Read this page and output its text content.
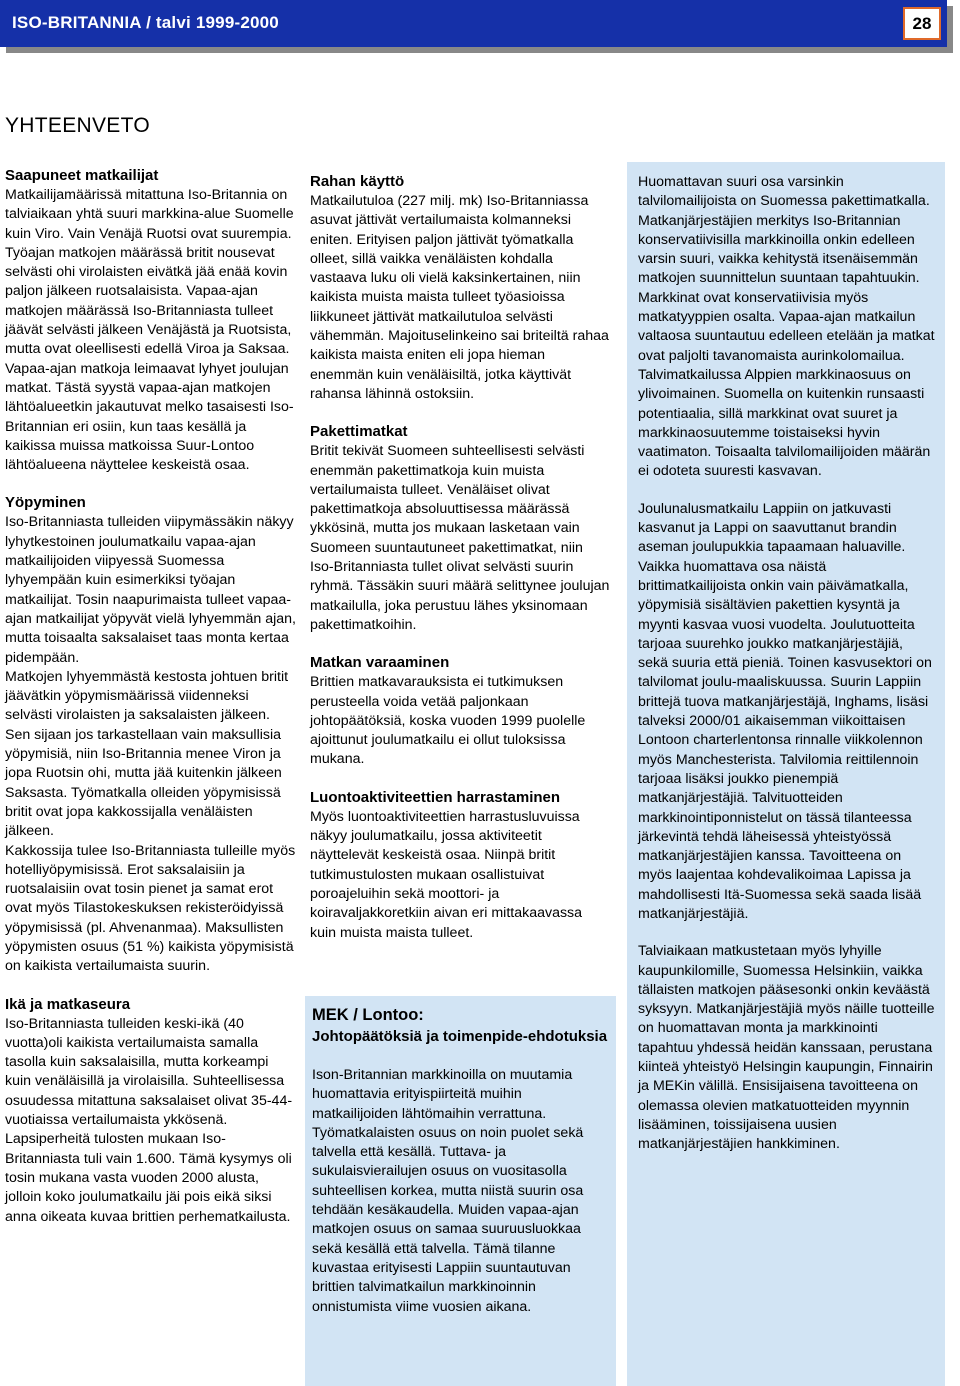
ISO-BRITANNIA / talvi 1999-2000	28
YHTEENVETO

Saapuneet matkailijat

Matkailijamäärissä mitattuna Iso-Britannia on talviaikaan yhtä suuri markkina-alue Suomelle kuin Viro. Vain Venäjä Ruotsi ovat suurempia. Työajan matkojen määrässä britit nousevat selvästi ohi virolaisten eivätkä jää enää kovin paljon jälkeen ruotsalaisista. Vapaa-ajan matkojen määrässä Iso-Britanniasta tulleet jäävät selvästi jälkeen Venäjästä ja Ruotsista, mutta ovat oleellisesti edellä Viroa ja Saksaa. Vapaa-ajan matkoja leimaavat lyhyet joulujan matkat. Tästä syystä vapaa-ajan matkojen lähtöalueetkin jakautuvat melko tasaisesti Iso-Britannian eri osiin, kun taas kesällä ja kaikissa muissa matkoissa Suur-Lontoo lähtöalueena näyttelee keskeistä osaa.

Yöpyminen

Iso-Britanniasta tulleiden viipymässäkin näkyy lyhytkestoinen joulumatkailu vapaa-ajan matkailijoiden viipyessä Suomessa lyhyempään kuin esimerkiksi työajan matkailijat. Tosin naapurimaista tulleet vapaa-ajan matkailijat yöpyvät vielä lyhyemmän ajan, mutta toisaalta saksalaiset taas monta kertaa pidempään.

Matkojen lyhyemmästä kestosta johtuen britit jäävätkin yöpymismäärissä viidenneksi selvästi virolaisten ja saksalaisten jälkeen. Sen sijaan jos tarkastellaan vain maksullisia yöpymisiä, niin Iso-Britannia menee Viron ja jopa Ruotsin ohi, mutta jää kuitenkin jälkeen Saksasta. Työmatkalla olleiden yöpymisissä britit ovat jopa kakkossijalla venäläisten jälkeen.

Kakkossija tulee Iso-Britanniasta tulleille myös hotelliyöpymisissä. Erot saksalaisiin ja ruotsalaisiin ovat tosin pienet ja samat erot ovat myös Tilastokeskuksen rekisteröidyissä yöpymisissä (pl. Ahvenanmaa). Maksullisten yöpymisten osuus (51 %) kaikista yöpymisistä on kaikista vertailumaista suurin.

Ikä ja matkaseura

Iso-Britanniasta tulleiden keski-ikä (40 vuotta)oli kaikista vertailumaista samalla tasolla kuin saksalaisilla, mutta korkeampi kuin venäläisillä ja virolaisilla. Suhteellisessa osuudessa mitattuna saksalaiset olivat 35-44-vuotiaissa vertailumaista ykkösenä. Lapsiperheitä tulosten mukaan Iso-Britanniasta tuli vain 1.600. Tämä kysymys oli tosin mukana vasta vuoden 2000 alusta, jolloin koko joulumatkailu jäi pois eikä siksi anna oikeata kuvaa brittien perhematkailusta.

Rahan käyttö

Matkailutuloa (227 milj. mk) Iso-Britanniassa asuvat jättivät vertailumaista kolmanneksi eniten. Erityisen paljon jättivät työmatkalla olleet, sillä vaikka venäläisten kohdalla vastaava luku oli vielä kaksinkertainen, niin kaikista muista maista tulleet työasioissa liikkuneet jättivät matkailutuloa selvästi vähemmän. Majoituselinkeino sai briteiltä rahaa kaikista maista eniten eli jopa hieman enemmän kuin venäläisiltä, jotka käyttivät rahansa lähinnä ostoksiin.

Pakettimatkat

Britit tekivät Suomeen suhteellisesti selvästi enemmän pakettimatkoja kuin muista vertailumaista tulleet. Venäläiset olivat pakettimatkoja absoluuttisessa määrässä ykkösinä, mutta jos mukaan lasketaan vain Suomeen suuntautuneet pakettimatkat, niin Iso-Britanniasta tullet olivat selvästi suurin ryhmä. Tässäkin suuri määrä selittynee joulujan matkailulla, joka perustuu lähes yksinomaan pakettimatkoihin.

Matkan varaaminen

Brittien matkavarauksista ei tutkimuksen perusteella voida vetää paljonkaan johtopäätöksiä, koska vuoden 1999 puolelle ajoittunut joulumatkailu ei ollut tuloksissa mukana.

Luontoaktiviteettien harrastaminen

Myös luontoaktiviteettien harrastusluvuissa näkyy joulumatkailu, jossa aktiviteetit näyttelevät keskeistä osaa. Niinpä britit tutkimustulosten mukaan osallistuivat poroajeluihin sekä moottori- ja koiravaljakkoretkiin aivan eri mittakaavassa kuin muista maista tulleet.

MEK / Lontoo:
Johtopäätöksiä ja toimenpide-ehdotuksia

Ison-Britannian markkinoilla on muutamia huomattavia erityispiirteitä muihin matkailijoiden lähtömaihin verrattuna. Työmatkalaisten osuus on noin puolet sekä talvella että kesällä. Tuttava- ja sukulaisvierailujen osuus on vuositasolla suhteellisen korkea, mutta niistä suurin osa tehdään kesäkaudella. Muiden vapaa-ajan matkojen osuus on samaa suuruusluokkaa sekä kesällä että talvella. Tämä tilanne kuvastaa erityisesti Lappiin suuntautuvan brittien talvimatkailun markkinoinnin onnistumista viime vuosien aikana.

Huomattavan suuri osa varsinkin talvilomailijoista on Suomessa pakettimatkalla. Matkanjärjestäjien merkitys Iso-Britannian konservatiivisilla markkinoilla onkin edelleen varsin suuri, vaikka kehitystä itsenäisemmän matkojen suunnittelun suuntaan tapahtuukin. Markkinat ovat konservatiivisia myös matkatyyppien osalta. Vapaa-ajan matkailun valtaosa suuntautuu edelleen etelään ja matkat ovat paljolti tavanomaista aurinkolomailua. Talvimatkailussa Alppien markkinaosuus on ylivoimainen. Suomella on kuitenkin runsaasti potentiaalia, sillä markkinat ovat suuret ja markkinaosuutemme toistaiseksi hyvin vaatimaton. Toisaalta talvilomailijoiden määrän ei odoteta suuresti kasvavan.

Joulunalusmatkailu Lappiin on jatkuvasti kasvanut ja Lappi on saavuttanut brandin aseman joulupukkia tapaamaan haluaville. Vaikka huomattava osa näistä brittimatkailijoista onkin vain päivämatkalla, yöpymisiä sisältävien pakettien kysyntä ja myynti kasvaa vuosi vuodelta. Joulutuotteita tarjoaa suurehko joukko matkanjärjestäjiä, sekä suuria että pieniä. Toinen kasvusektori on talvilomat joulu-maaliskuussa. Suurin Lappiin brittejä tuova matkanjärjestäjä, Inghams, lisäsi talveksi 2000/01 aikaisemman viikoittaisen Lontoon charterlentonsa rinnalle viikkolennon myös Manchesterista. Talvilomia reittilennoin tarjoaa lisäksi joukko pienempiä matkanjärjestäjiä. Talvituotteiden markkinointiponnistelut on tässä tilanteessa järkevintä tehdä läheisessä yhteistyössä matkanjärjestäjien kanssa. Tavoitteena on myös laajentaa kohdevalikoimaa Lapissa ja mahdollisesti Itä-Suomessa sekä saada lisää matkanjärjestäjiä.

Talviaikaan matkustetaan myös lyhyille kaupunkilomille, Suomessa Helsinkiin, vaikka tällaisten matkojen pääsesonki onkin keväästä syksyyn. Matkanjärjestäjiä myös näille tuotteille on huomattavan monta ja markkinointi tapahtuu yhdessä heidän kanssaan, perustana kiinteä yhteistyö Helsingin kaupungin, Finnairin ja MEKin välillä. Ensisijaisena tavoitteena on olemassa olevien matkatuotteiden myynnin lisääminen, toissijaisena uusien matkanjärjestäjien hankkiminen.
